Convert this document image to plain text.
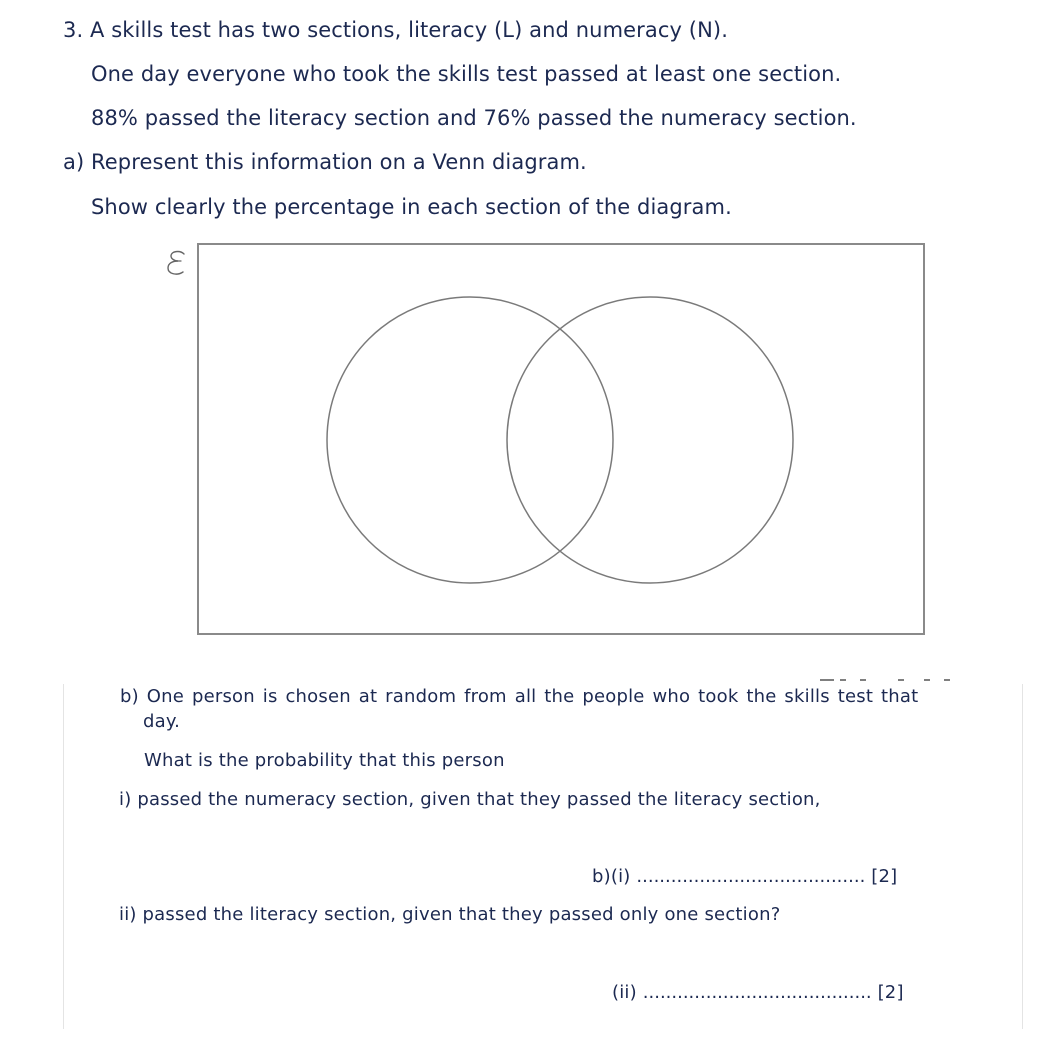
3. A skills test has two sections, literacy (L) and numeracy (N).
One day everyone who took the skills test passed at least one section.
88% passed the literacy section and 76% passed the numeracy section.
a) Represent this information on a Venn diagram.
Show clearly the percentage in each section of the diagram.
b) One person is chosen at random from all the people who took the skills test that
day.
What is the probability that this person
i) passed the numeracy section, given that they passed the literacy section,
b)(i) ........................................ [2]
ii) passed the literacy section, given that they passed only one section?
(ii) ........................................ [2]
